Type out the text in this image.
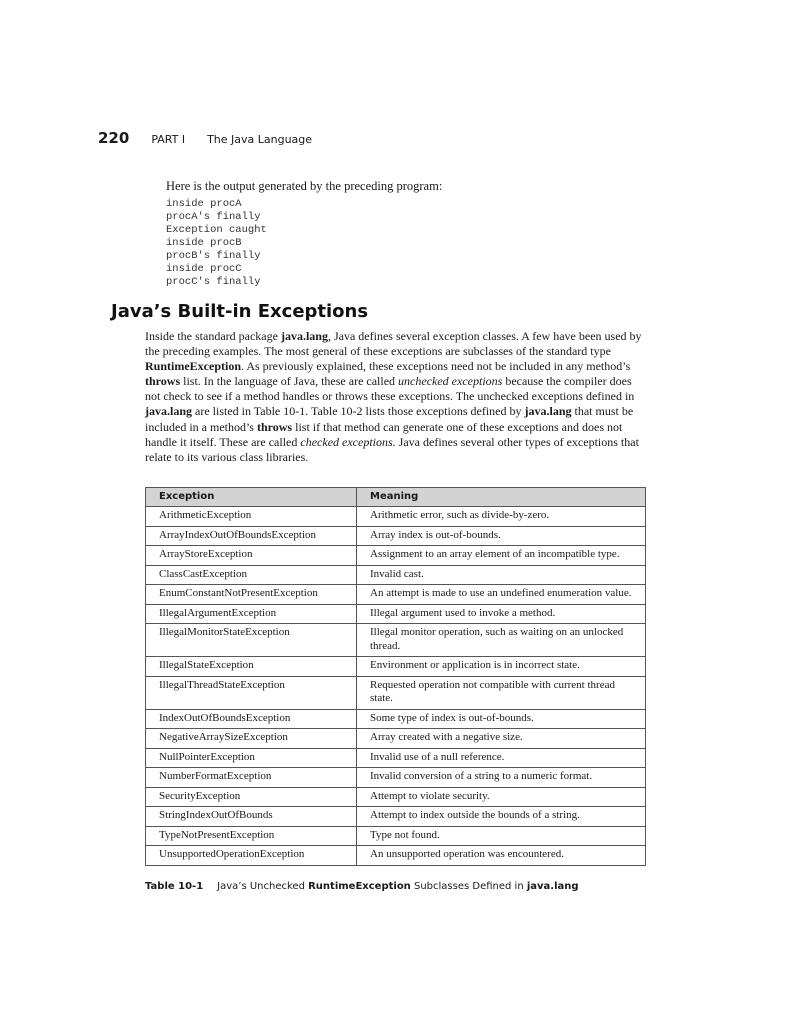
220 PART I The Java Language
Here is the output generated by the preceding program:
inside procA
procA's finally
Exception caught
inside procB
procB's finally
inside procC
procC's finally
Java’s Built-in Exceptions

Inside the standard package java.lang, Java defines several exception classes. A few have been used by the preceding examples. The most general of these exceptions are subclasses of the standard type RuntimeException. As previously explained, these exceptions need not be included in any method’s throws list. In the language of Java, these are called unchecked exceptions because the compiler does not check to see if a method handles or throws these exceptions. The unchecked exceptions defined in java.lang are listed in Table 10-1. Table 10-2 lists those exceptions defined by java.lang that must be included in a method’s throws list if that method can generate one of these exceptions and does not handle it itself. These are called checked exceptions. Java defines several other types of exceptions that relate to its various class libraries.

Exception	Meaning
ArithmeticException	Arithmetic error, such as divide-by-zero.
ArrayIndexOutOfBoundsException	Array index is out-of-bounds.
ArrayStoreException	Assignment to an array element of an incompatible type.
ClassCastException	Invalid cast.
EnumConstantNotPresentException	An attempt is made to use an undefined enumeration value.
IllegalArgumentException	Illegal argument used to invoke a method.
IllegalMonitorStateException	Illegal monitor operation, such as waiting on an unlocked thread.
IllegalStateException	Environment or application is in incorrect state.
IllegalThreadStateException	Requested operation not compatible with current thread state.
IndexOutOfBoundsException	Some type of index is out-of-bounds.
NegativeArraySizeException	Array created with a negative size.
NullPointerException	Invalid use of a null reference.
NumberFormatException	Invalid conversion of a string to a numeric format.
SecurityException	Attempt to violate security.
StringIndexOutOfBounds	Attempt to index outside the bounds of a string.
TypeNotPresentException	Type not found.
UnsupportedOperationException	An unsupported operation was encountered.
Table 10-1 Java’s Unchecked RuntimeException Subclasses Defined in java.lang
